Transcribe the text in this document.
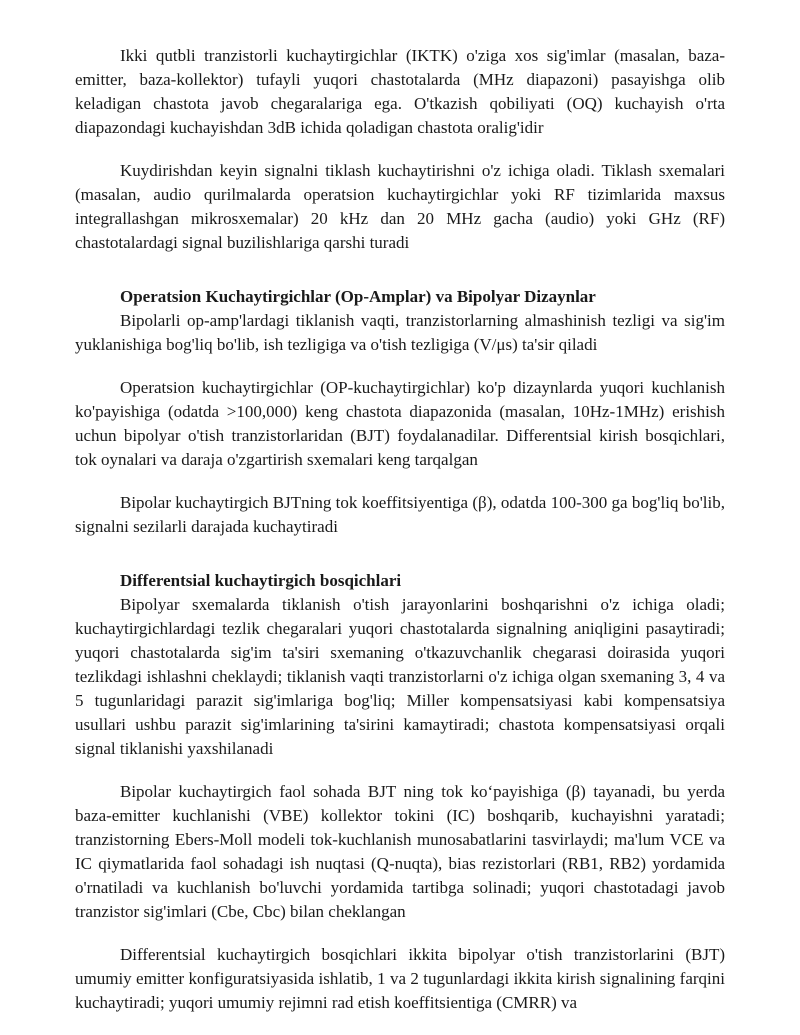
Ikki qutbli tranzistorli kuchaytirgichlar (IKTK) o'ziga xos sig'imlar (masalan, baza-emitter, baza-kollektor) tufayli yuqori chastotalarda (MHz diapazoni) pasayishga olib keladigan chastota javob chegaralariga ega. O'tkazish qobiliyati (OQ) kuchayish o'rta diapazondagi kuchayishdan 3dB ichida qoladigan chastota oralig'idir

Kuydirishdan keyin signalni tiklash kuchaytirishni o'z ichiga oladi. Tiklash sxemalari (masalan, audio qurilmalarda operatsion kuchaytirgichlar yoki RF tizimlarida maxsus integrallashgan mikrosxemalar) 20 kHz dan 20 MHz gacha (audio) yoki GHz (RF) chastotalardagi signal buzilishlariga qarshi turadi

Operatsion Kuchaytirgichlar (Op-Amplar) va Bipolyar Dizaynlar

Bipolarli op-amp'lardagi tiklanish vaqti, tranzistorlarning almashinish tezligi va sig'im yuklanishiga bog'liq bo'lib, ish tezligiga va o'tish tezligiga (V/μs) ta'sir qiladi

Operatsion kuchaytirgichlar (OP-kuchaytirgichlar) ko'p dizaynlarda yuqori kuchlanish ko'payishiga (odatda >100,000) keng chastota diapazonida (masalan, 10Hz-1MHz) erishish uchun bipolyar o'tish tranzistorlaridan (BJT) foydalanadilar. Differentsial kirish bosqichlari, tok oynalari va daraja o'zgartirish sxemalari keng tarqalgan

Bipolar kuchaytirgich BJTning tok koeffitsiyentiga (β), odatda 100-300 ga bog'liq bo'lib, signalni sezilarli darajada kuchaytiradi

Differentsial kuchaytirgich bosqichlari

Bipolyar sxemalarda tiklanish o'tish jarayonlarini boshqarishni o'z ichiga oladi; kuchaytirgichlardagi tezlik chegaralari yuqori chastotalarda signalning aniqligini pasaytiradi; yuqori chastotalarda sig'im ta'siri sxemaning o'tkazuvchanlik chegarasi doirasida yuqori tezlikdagi ishlashni cheklaydi; tiklanish vaqti tranzistorlarni o'z ichiga olgan sxemaning 3, 4 va 5 tugunlaridagi parazit sig'imlariga bog'liq; Miller kompensatsiyasi kabi kompensatsiya usullari ushbu parazit sig'imlarining ta'sirini kamaytiradi; chastota kompensatsiyasi orqali signal tiklanishi yaxshilanadi

Bipolar kuchaytirgich faol sohada BJT ning tok ko‘payishiga (β) tayanadi, bu yerda baza-emitter kuchlanishi (VBE) kollektor tokini (IC) boshqarib, kuchayishni yaratadi; tranzistorning Ebers-Moll modeli tok-kuchlanish munosabatlarini tasvirlaydi; ma'lum VCE va IC qiymatlarida faol sohadagi ish nuqtasi (Q-nuqta), bias rezistorlari (RB1, RB2) yordamida o'rnatiladi va kuchlanish bo'luvchi yordamida tartibga solinadi; yuqori chastotadagi javob tranzistor sig'imlari (Cbe, Cbc) bilan cheklangan

Differentsial kuchaytirgich bosqichlari ikkita bipolyar o'tish tranzistorlarini (BJT) umumiy emitter konfiguratsiyasida ishlatib, 1 va 2 tugunlardagi ikkita kirish signalining farqini kuchaytiradi; yuqori umumiy rejimni rad etish koeffitsientiga (CMRR) va
